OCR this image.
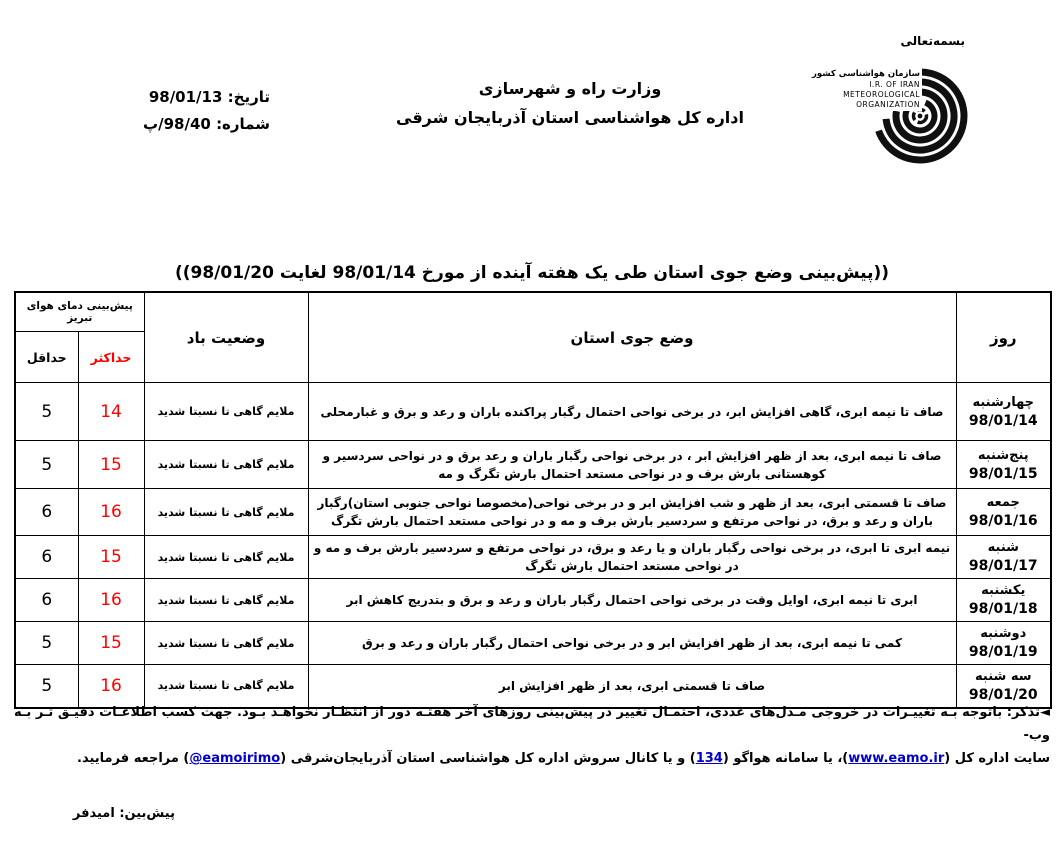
بسمه‌تعالی
سازمان هواشناسی کشور
I.R. OF IRAN
METEOROLOGICAL
ORGANIZATION
وزارت راه و شهرسازی
اداره کل هواشناسی استان آذربایجان شرقی
تاریخ: 98/01/13
شماره: 98/40/پ
((پیش‌بینی وضع جوی استان طی یک هفته آینده از مورخ 98/01/14 لغایت 98/01/20))
روز	وضع جوی استان	وضعیت باد	پیش‌بینی دمای هوای تبریز	
			حداکثر	حداقل

چهارشنبه
98/01/14	صاف تا نیمه ابری، گاهی افزایش ابر، در برخی نواحی احتمال رگبار پراکنده باران و رعد و برق و غبارمحلی	ملایم گاهی تا نسبتا شدید	14	5

پنج‌شنبه
98/01/15	صاف تا نیمه ابری، بعد از ظهر افزایش ابر ، در برخی نواحی رگبار باران و رعد برق و در نواحی سردسیر و کوهستانی بارش برف و در نواحی مستعد احتمال بارش تگرگ و مه	ملایم گاهی تا نسبتا شدید	15	5

جمعه
98/01/16	صاف تا قسمتی ابری، بعد از ظهر و شب افزایش ابر و در برخی نواحی(مخصوصا نواحی جنوبی استان)رگبار باران و رعد و برق، در نواحی مرتفع و سردسیر بارش برف و مه و در نواحی مستعد احتمال بارش تگرگ	ملایم گاهی تا نسبتا شدید	16	6

شنبه
98/01/17	نیمه ابری تا ابری، در برخی نواحی رگبار باران و یا رعد و برق، در نواحی مرتفع و سردسیر بارش برف و مه و در نواحی مستعد احتمال بارش تگرگ	ملایم گاهی تا نسبتا شدید	15	6

یکشنبه
98/01/18	ابری تا نیمه ابری، اوایل وقت در برخی نواحی احتمال رگبار باران و رعد و برق و بتدریج کاهش ابر	ملایم گاهی تا نسبتا شدید	16	6

دوشنبه
98/01/19	کمی تا نیمه ابری، بعد از ظهر افزایش ابر و در برخی نواحی احتمال رگبار باران و رعد و برق	ملایم گاهی تا نسبتا شدید	15	5

سه شنبه
98/01/20	صاف تا قسمتی ابری، بعد از ظهر افزایش ابر	ملایم گاهی تا نسبتا شدید	16	5
◄تذکر: باتوجه بـه تغییـرات در خروجی مـدل‌های عددی، احتمـال تغییر در پیش‌بینی روزهای آخر هفتـه دور از انتظـار نخواهـد بـود. جهت کسب اطلاعـات دقیـق تـر بـه وب-
سایت اداره کل (www.eamo.ir)، یا سامانه هواگو (134) و یا کانال سروش اداره کل هواشناسی استان آذربایجان‌شرقی (@eamoirimo) مراجعه فرمایید.
پیش‌بین: امیدفر
